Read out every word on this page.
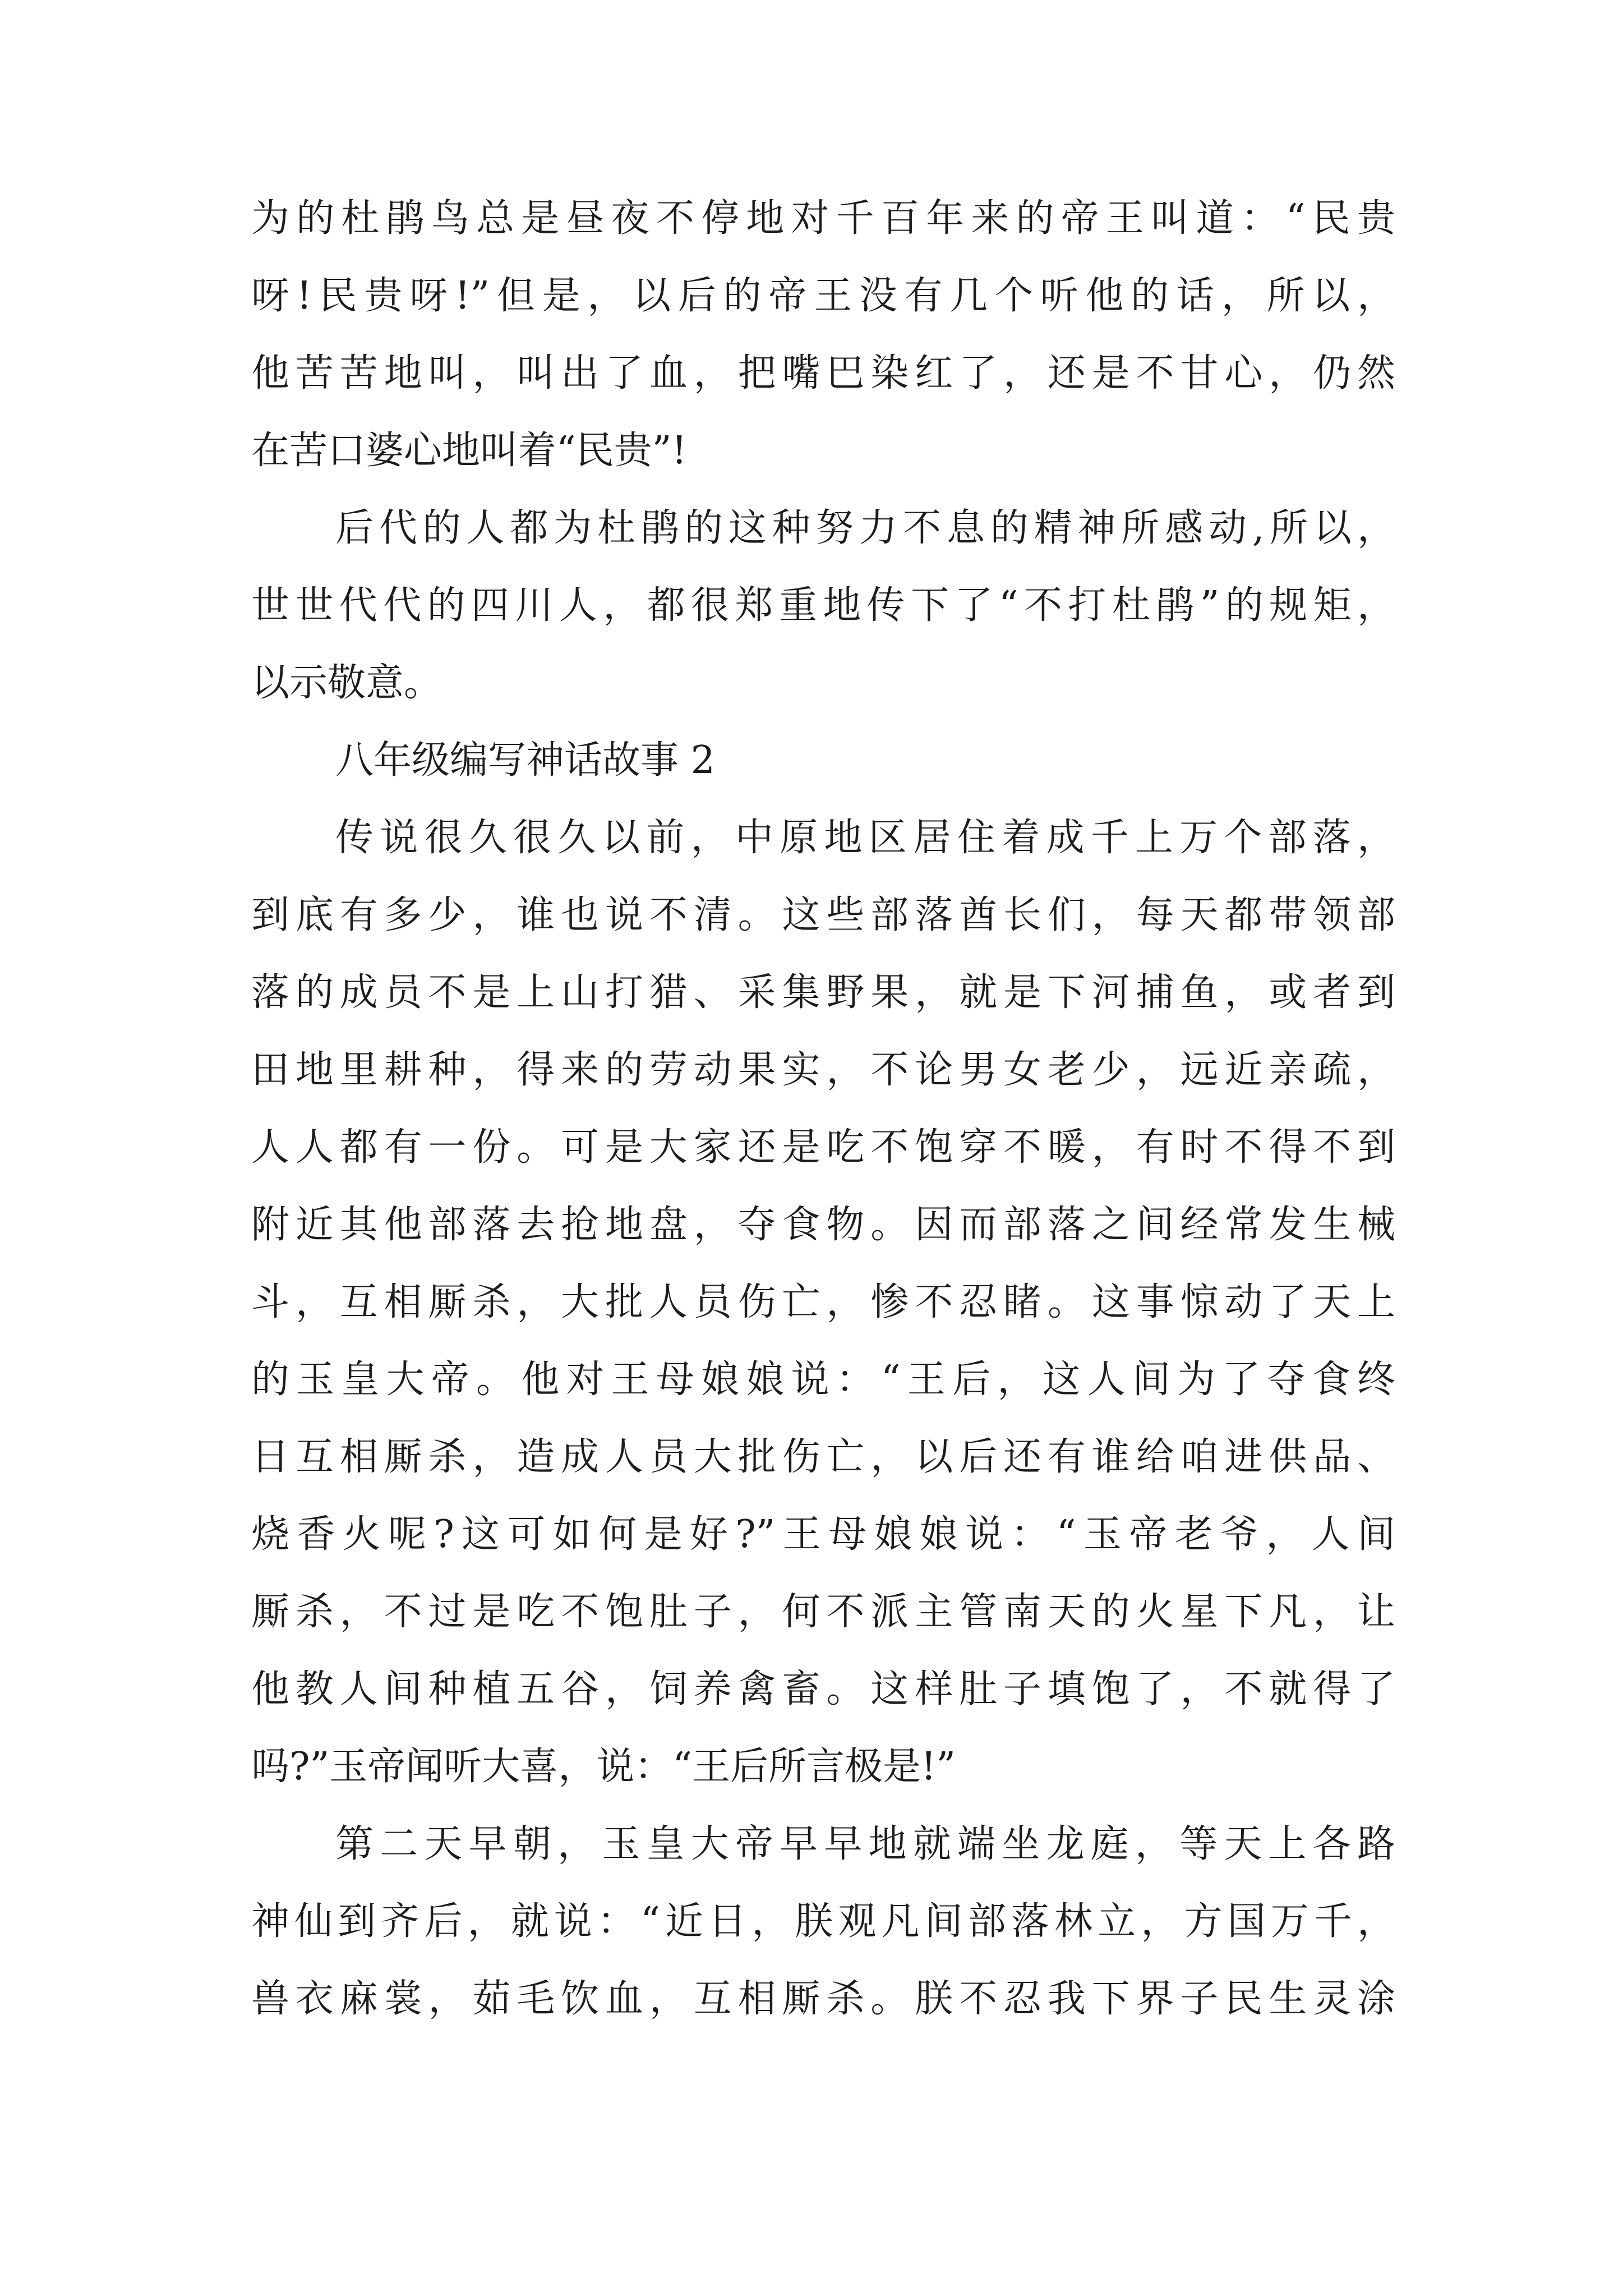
为的杜鹃鸟总是昼夜不停地对千百年来的帝王叫道：“民贵
呀!民贵呀!”但是，以后的帝王没有几个听他的话，所以，
他苦苦地叫，叫出了血，把嘴巴染红了，还是不甘心，仍然
在苦口婆心地叫着“民贵”!
后代的人都为杜鹃的这种努力不息的精神所感动,所以，
世世代代的四川人，都很郑重地传下了“不打杜鹃”的规矩，
以示敬意。
八年级编写神话故事 2
传说很久很久以前，中原地区居住着成千上万个部落，
到底有多少，谁也说不清。这些部落酋长们，每天都带领部
落的成员不是上山打猎、采集野果，就是下河捕鱼，或者到
田地里耕种，得来的劳动果实，不论男女老少，远近亲疏，
人人都有一份。可是大家还是吃不饱穿不暖，有时不得不到
附近其他部落去抢地盘，夺食物。因而部落之间经常发生械
斗，互相厮杀，大批人员伤亡，惨不忍睹。这事惊动了天上
的玉皇大帝。他对王母娘娘说：“王后，这人间为了夺食终
日互相厮杀，造成人员大批伤亡，以后还有谁给咱进供品、
烧香火呢?这可如何是好?”王母娘娘说：“玉帝老爷，人间
厮杀，不过是吃不饱肚子，何不派主管南天的火星下凡，让
他教人间种植五谷，饲养禽畜。这样肚子填饱了，不就得了
吗?”玉帝闻听大喜，说：“王后所言极是!”
第二天早朝，玉皇大帝早早地就端坐龙庭，等天上各路
神仙到齐后，就说：“近日，朕观凡间部落林立，方国万千，
兽衣麻裳，茹毛饮血，互相厮杀。朕不忍我下界子民生灵涂
